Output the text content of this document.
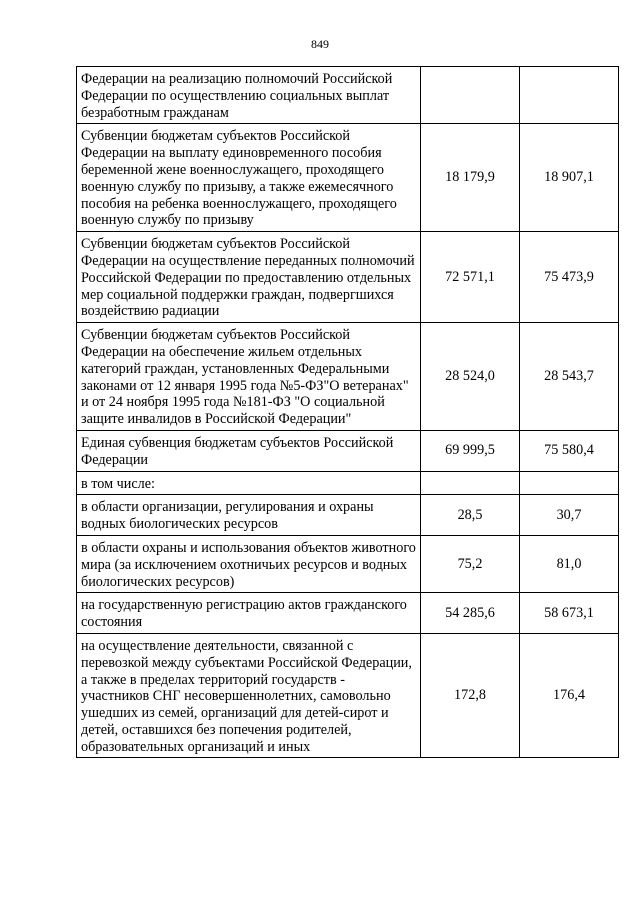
849
Федерации на реализацию полномочий Российской Федерации по осуществлению социальных выплат безработным гражданам		
Субвенции бюджетам субъектов Российской Федерации на выплату единовременного пособия беременной жене военнослужащего, проходящего военную службу по призыву, а также ежемесячного пособия на ребенка военнослужащего, проходящего военную службу по призыву	18 179,9	18 907,1
Субвенции бюджетам субъектов Российской Федерации на осуществление переданных полномочий Российской Федерации по предоставлению отдельных мер социальной поддержки граждан, подвергшихся воздействию радиации	72 571,1	75 473,9
Субвенции бюджетам субъектов Российской Федерации на обеспечение жильем отдельных категорий граждан, установленных Федеральными законами от 12 января 1995 года №5-ФЗ"О ветеранах" и от 24 ноября 1995 года №181-ФЗ "О социальной защите инвалидов в Российской Федерации"	28 524,0	28 543,7
Единая субвенция бюджетам субъектов Российской Федерации	69 999,5	75 580,4
в том числе:		
в области организации, регулирования и охраны водных биологических ресурсов	28,5	30,7
в области охраны и использования объектов животного мира (за исключением охотничьих ресурсов и водных биологических ресурсов)	75,2	81,0
на государственную регистрацию актов гражданского состояния	54 285,6	58 673,1
на осуществление деятельности, связанной с перевозкой между субъектами Российской Федерации, а также в пределах территорий государств - участников СНГ несовершеннолетних, самовольно ушедших из семей, организаций для детей-сирот и детей, оставшихся без попечения родителей, образовательных организаций и иных	172,8	176,4
